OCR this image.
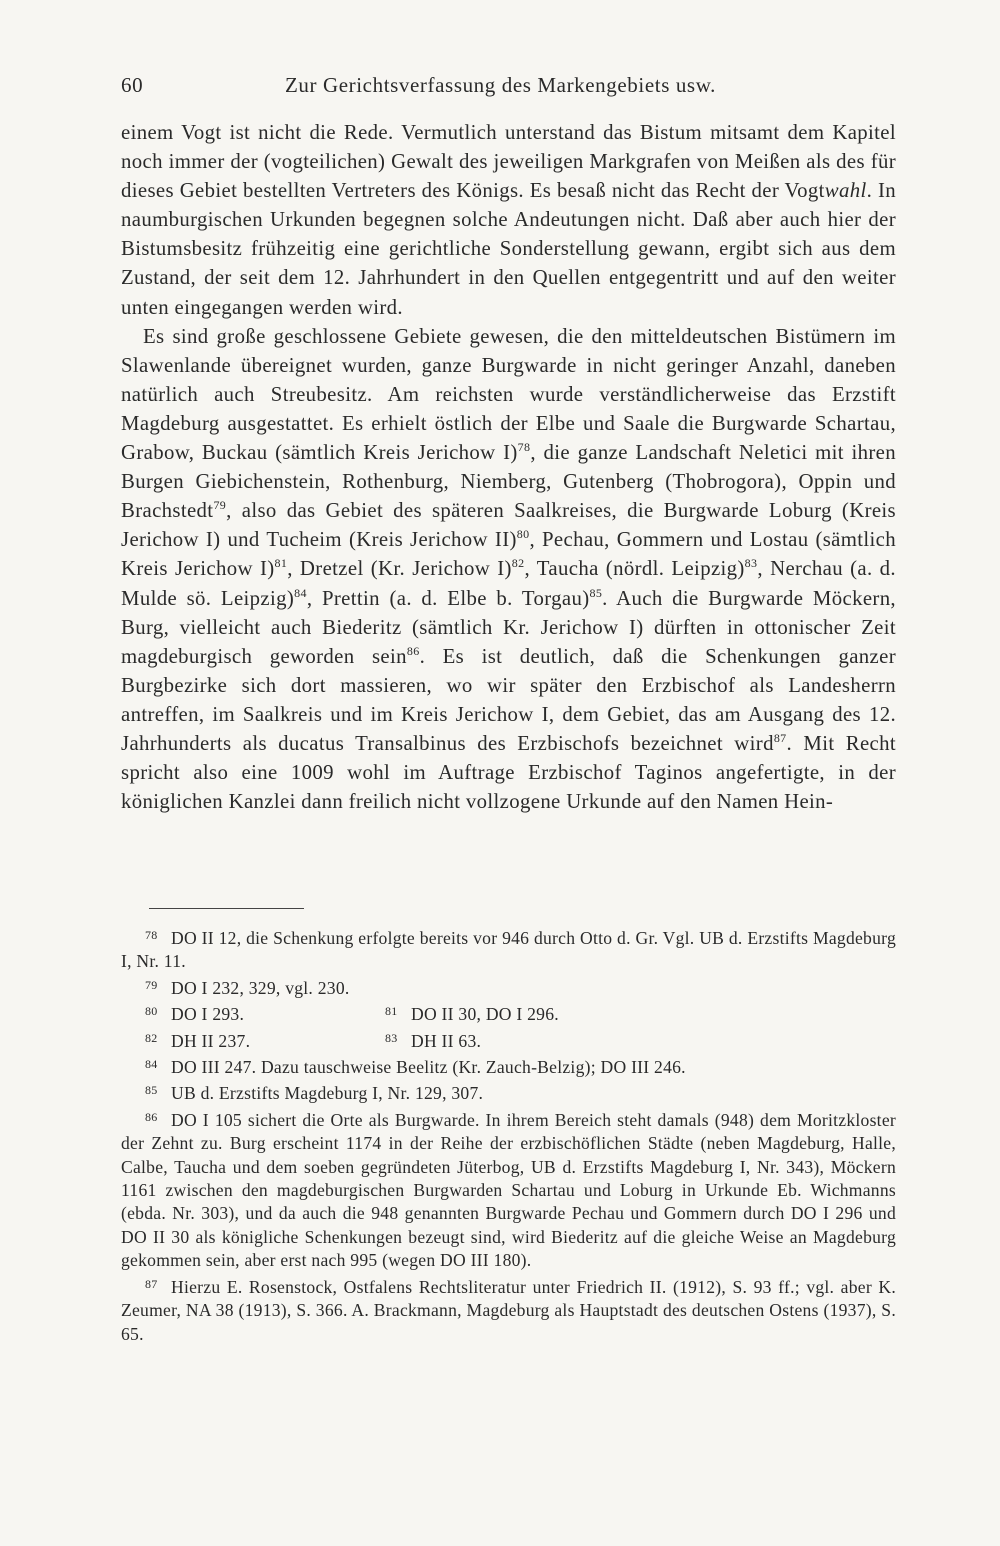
60	Zur Gerichtsverfassung des Markengebiets usw.

einem Vogt ist nicht die Rede. Vermutlich unterstand das Bistum mitsamt dem Kapitel noch immer der (vogteilichen) Gewalt des jeweiligen Markgrafen von Meißen als des für dieses Gebiet bestellten Vertreters des Königs. Es besaß nicht das Recht der Vogtwahl. In naumburgischen Urkunden begegnen solche Andeutungen nicht. Daß aber auch hier der Bistumsbesitz frühzeitig eine gerichtliche Sonderstellung gewann, ergibt sich aus dem Zustand, der seit dem 12. Jahrhundert in den Quellen entgegentritt und auf den weiter unten eingegangen werden wird.

Es sind große geschlossene Gebiete gewesen, die den mitteldeutschen Bistümern im Slawenlande übereignet wurden, ganze Burgwarde in nicht geringer Anzahl, daneben natürlich auch Streubesitz. Am reichsten wurde verständlicherweise das Erzstift Magdeburg ausgestattet. Es erhielt östlich der Elbe und Saale die Burgwarde Schartau, Grabow, Buckau (sämtlich Kreis Jerichow I)$^{78}$, die ganze Landschaft Neletici mit ihren Burgen Giebichenstein, Rothenburg, Niemberg, Gutenberg (Thobrogora), Oppin und Brachstedt$^{79}$, also das Gebiet des späteren Saalkreises, die Burgwarde Loburg (Kreis Jerichow I) und Tucheim (Kreis Jerichow II)$^{80}$, Pechau, Gommern und Lostau (sämtlich Kreis Jerichow I)$^{81}$, Dretzel (Kr. Jerichow I)$^{82}$, Taucha (nördl. Leipzig)$^{83}$, Nerchau (a. d. Mulde sö. Leipzig)$^{84}$, Prettin (a. d. Elbe b. Torgau)$^{85}$. Auch die Burgwarde Möckern, Burg, vielleicht auch Biederitz (sämtlich Kr. Jerichow I) dürften in ottonischer Zeit magdeburgisch geworden sein$^{86}$. Es ist deutlich, daß die Schenkungen ganzer Burgbezirke sich dort massieren, wo wir später den Erzbischof als Landesherrn antreffen, im Saalkreis und im Kreis Jerichow I, dem Gebiet, das am Ausgang des 12. Jahrhunderts als ducatus Transalbinus des Erzbischofs bezeichnet wird$^{87}$. Mit Recht spricht also eine 1009 wohl im Auftrage Erzbischof Taginos angefertigte, in der königlichen Kanzlei dann freilich nicht vollzogene Urkunde auf den Namen Hein-

78 DO II 12, die Schenkung erfolgte bereits vor 946 durch Otto d. Gr. Vgl. UB d. Erzstifts Magdeburg I, Nr. 11.

79 DO I 232, 329, vgl. 230.

80 DO I 293.	81 DO II 30, DO I 296.

82 DH II 237.	83 DH II 63.

84 DO III 247. Dazu tauschweise Beelitz (Kr. Zauch-Belzig); DO III 246.

85 UB d. Erzstifts Magdeburg I, Nr. 129, 307.

86 DO I 105 sichert die Orte als Burgwarde. In ihrem Bereich steht damals (948) dem Moritzkloster der Zehnt zu. Burg erscheint 1174 in der Reihe der erzbischöflichen Städte (neben Magdeburg, Halle, Calbe, Taucha und dem soeben gegründeten Jüterbog, UB d. Erzstifts Magdeburg I, Nr. 343), Möckern 1161 zwischen den magdeburgischen Burgwarden Schartau und Loburg in Urkunde Eb. Wichmanns (ebda. Nr. 303), und da auch die 948 genannten Burgwarde Pechau und Gommern durch DO I 296 und DO II 30 als königliche Schenkungen bezeugt sind, wird Biederitz auf die gleiche Weise an Magdeburg gekommen sein, aber erst nach 995 (wegen DO III 180).

87 Hierzu E. Rosenstock, Ostfalens Rechtsliteratur unter Friedrich II. (1912), S. 93 ff.; vgl. aber K. Zeumer, NA 38 (1913), S. 366. A. Brackmann, Magdeburg als Hauptstadt des deutschen Ostens (1937), S. 65.
